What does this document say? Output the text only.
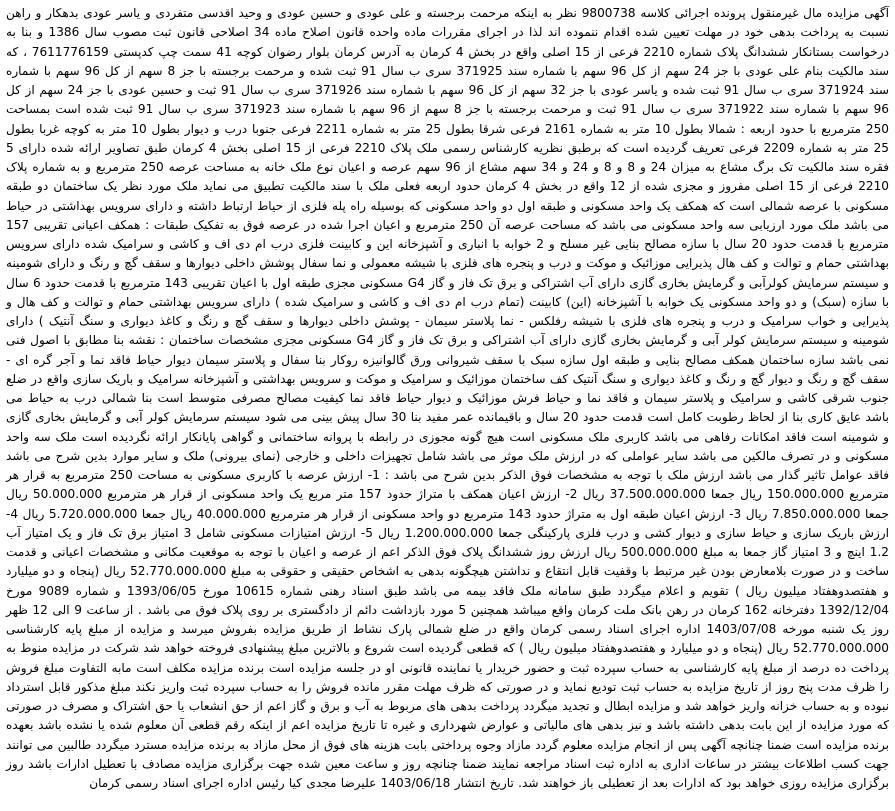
آگهی مزایده مال غیرمنقول پرونده اجرائی کلاسه 9800738 نظر به اینکه مرحمت برجسته و علی عودی و حسین عودی و وحید اقدسی متفردی و یاسر عودی بدهکار و راهن نسبت به پرداخت بدهی خود در مهلت تعیین شده اقدام ننموده اند لذا در اجرای مقررات ماده واحده قانون اصلاح ماده 34 اصلاحی قانون ثبت مصوب سال 1386 و بنا به درخواست بستانکار ششدانگ پلاک شماره 2210 فرعی از 15 اصلی واقع در بخش 4 کرمان به آدرس کرمان بلوار رضوان کوچه 41 سمت چپ کدپستی 7611776159 ، که سند مالکیت بنام علی عودی با جز 24 سهم از کل 96 سهم با شماره سند 371925 سری ب سال 91 ثبت شده و مرحمت برجسته با جز 8 سهم از کل 96 سهم با شماره سند 371924 سری ب سال 91 ثبت شده و یاسر عودی با جز 32 سهم از کل 96 سهم با شماره سند 371926 سری ب سال 91 ثبت و حسین عودی با جز 24 سهم از کل 96 سهم با شماره سند 371922 سری ب سال 91 ثبت و مرحمت برجسته با جز 8 سهم از 96 سهم با شماره سند 371923 سری ب سال 91 ثبت شده است بمساحت 250 مترمربع با حدود اربعه : شمالا بطول 10 متر به شماره 2161 فرعی شرقا بطول 25 متر به شماره 2211 فرعی جنوبا درب و دیوار بطول 10 متر به کوچه غربا بطول 25 متر به شماره 2209 فرعی تعریف گردیده است که برطبق نظریه کارشناس رسمی ملک پلاک 2210 فرعی از 15 اصلی بخش 4 کرمان طبق تصاویر ارائه شده دارای 5 فقره سند مالکیت تک برگ مشاع به میزان 24 و 8 و 8 و 24 و 34 سهم مشاع از 96 سهم عرصه و اعیان نوع ملک خانه به مساحت عرصه 250 مترمربع و به شماره پلاک 2210 فرعی از 15 اصلی مفروز و مجزی شده از 12 واقع در بخش 4 کرمان حدود اربعه فعلی ملک با سند مالکیت تطبیق می نماید ملک مورد نظر یک ساختمان دو طبقه مسکونی با عرصه شمالی است که همکف یک واحد مسکونی و طبقه اول دو واحد مسکونی که بوسیله راه پله فلزی از حیاط ارتباط داشته و دارای سرویس بهداشتی در حیاط می باشد ملک مورد ارزیابی سه واحد مسکونی می باشد که مساحت عرصه آن 250 مترمربع و اعیان اجرا شده در عرصه فوق به تفکیک طبقات : همکف اعیانی تقریبی 157 مترمربع با قدمت حدود 20 سال با سازه مصالح بنایی غیر مسلح و 2 خوابه با انباری و آشپزخانه این و کابینت فلزی درب ام دی اف و کاشی و سرامیک شده دارای سرویس بهداشتی حمام و توالت و کف هال پذیرایی موزائیک و موکت و درب و پنجره های فلزی با شیشه معمولی و نما سفال پوشش داخلی دیوارها و سقف گچ و رنگ و دارای شومینه و سیستم سرمایش کولرآبی و گرمایش بخاری گازی دارای آب اشتراکی و برق تک فاز و گاز G4 مسکونی مجزی طبقه اول با اعیان تقریبی 143 مترمربع با قدمت حدود 6 سال با سازه (سبک) و دو واحد مسکونی یک خوابه با آشپزخانه (این) کابینت (تمام درب ام دی اف و کاشی و سرامیک شده ) دارای سرویس بهداشتی حمام و توالت و کف هال و پذیرایی و خواب سرامیک و درب و پنجره های فلزی با شیشه رفلکس - نما پلاستر سیمان - پوشش داخلی دیوارها و سقف گچ و رنگ و کاغذ دیواری و سنگ آنتیک ) دارای شومینه و سیستم سرمایش کولر آبی و گرمایش بخاری گازی دارای آب اشتراکی و برق تک فاز و گاز G4 مسکونی مجزی مشخصات ساختمان : نقشه بنا مطابق با اصول فنی نمی باشد سازه ساختمان همکف مصالح بنایی و طبقه اول سازه سبک با سقف شیروانی ورق گالوانیزه روکار بنا سفال و پلاستر سیمان دیوار حیاط فاقد نما و آجر گره ای - سقف گچ و رنگ و دیوار گچ و رنگ و کاغذ دیواری و سنگ آنتیک کف ساختمان موزائیک و سرامیک و موکت و سرویس بهداشتی و آشپزخانه سرامیک و باریک سازی واقع در ضلع جنوب شرقی کاشی و سرامیک و پلاستر سیمان و فاقد نما و حیاط فرش موزائیک و دیوار حیاط فاقد نما کیفیت مصالح مصرفی متوسط است بنا شمالی درب به حیاط می باشد عایق کاری بنا از لحاظ رطوبت کامل است قدمت حدود 20 سال و باقیمانده عمر مفید بنا 30 سال پیش بینی می شود سیستم سرمایش کولر آبی و گرمایش بخاری گازی و شومینه است فاقد امکانات رفاهی می باشد کاربری ملک مسکونی است هیچ گونه مجوزی در رابطه با پروانه ساختمانی و گواهی پایانکار ارائه نگردیده است ملک سه واحد مسکونی و در تصرف مالکین می باشد سایر عواملی که در ارزش ملک موثر می باشد شامل تجهیزات داخلی و خارجی (نمای بیرونی) ملک و سایر موارد بدین شرح می باشد فاقد عوامل تاثیر گذار می باشد ارزش ملک با توجه به مشخصات فوق الذکر بدین شرح می باشد : 1- ارزش عرصه با کاربری مسکونی به مساحت 250 مترمربع به قرار هر مترمربع 150.000.000 ریال جمعا 37.500.000.000 ریال 2- ارزش اعیان همکف با متراژ حدود 157 متر مربع یک واحد مسکونی از قرار هر مترمربع 50.000.000 ریال جمعا 7.850.000.000 ریال 3- ارزش اعیان طبقه اول به متراژ حدود 143 مترمربع دو واحد مسکونی از قرار هر مترمربع 40.000.000 ریال جمعا 5.720.000.000 ریال 4- ارزش باریک سازی و حیاط سازی و دیوار کشی و درب فلزی پارکینگی جمعا 1.200.000.000 ریال 5- ارزش امتیازات مسکونی شامل 3 امتیاز برق تک فاز و یک امتیاز آب 1.2 اینچ و 3 امتیاز گاز جمعا به مبلغ 500.000.000 ریال ارزش روز ششدانگ پلاک فوق الذکر اعم از عرصه و اعیان با توجه به موقعیت مکانی و مشخصات اعیانی و قدمت ساخت و در صورت بلامعارض بودن غیر مرتبط با وقفیت قابل انتقاع و نداشتن هیچگونه بدهی به اشخاص حقیقی و حقوقی به مبلغ 52.770.000.000 ریال (پنجاه و دو میلیارد و هفتصدوهفتاد میلیون ریال ) تقویم و اعلام میگردد طبق سامانه ملک فاقد بیمه می باشد طبق اسناد رهنی شماره 10615 مورخ 1393/06/05 و شماره 9089 مورخ 1392/12/04 دفترخانه 162 کرمان در رهن بانک ملت کرمان واقع میباشد همچنین 5 مورد بازداشت دائم از دادگستری بر روی پلاک فوق می باشد . از ساعت 9 الی 12 ظهر روز یک شنبه مورخه 1403/07/08 اداره اجرای اسناد رسمی کرمان واقع در ضلع شمالی پارک نشاط از طریق مزایده بفروش میرسد و مزایده از مبلغ پایه کارشناسی 52.770.000.000 ریال (پنجاه و دو میلیارد و هفتصدوهفتاد میلیون ریال ) که قطعی گردیده است شروع و بالاترین مبلغ پیشنهادی فروخته خواهد شد شرکت در مزایده منوط به پرداخت ده درصد از مبلغ پایه کارشناسی به حساب سپرده ثبت و حضور خریدار یا نماینده قانونی او در جلسه مزایده است برنده مزایده مکلف است مابه التفاوت مبلغ فروش را ظرف مدت پنج روز از تاریخ مزایده به حساب ثبت تودیع نماید و در صورتی که ظرف مهلت مقرر مانده فروش را به حساب سپرده ثبت واریز نکند مبلغ مذکور قابل استرداد نبوده و به حساب خزانه واریز خواهد شد و مزایده ابطال و تجدید میگردد پرداخت بدهی های مربوط به آب و برق و گاز اعم از حق انشعاب یا حق اشتراک و مصرف در صورتی که مورد مزایده از این بابت بدهی داشته باشد و نیز بدهی های مالیاتی و عوارض شهرداری و غیره تا تاریخ مزایده اعم از اینکه رقم قطعی آن معلوم شده یا نشده باشد بعهده برنده مزایده است ضمنا چنانچه آگهی پس از انجام مزایده معلوم گردد مازاد وجوه پرداختی بابت هزینه های فوق از محل مازاد به برنده مزایده مسترد میگردد طالبین می توانند جهت کسب اطلاعات بیشتر در ساعات اداری به اداره ثبت اسناد مراجعه نمایند ضمنا چنانچه روز و ساعت معین شده جهت برگزاری مزایده مصادف با تعطیل ادارات باشد روز برگزاری مزایده روزی خواهد بود که ادارات بعد از تعطیلی باز خواهند شد. تاریخ انتشار 1403/06/18 علیرضا مجدی کیا رئیس اداره اجرای اسناد رسمی کرمان
